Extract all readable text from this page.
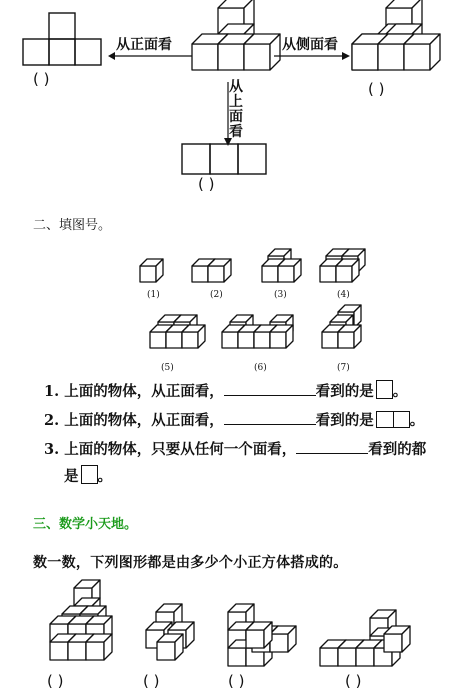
( )
从正面看	从侧面看
( )
从
上
面
看
( )
二、填图号。
(1)	(2)	(3)	(4)
(5)	(6)	(7)
1. 上面的物体，从正面看，	看到的是 。
2. 上面的物体，从正面看，	看到的是 。
3. 上面的物体，只要从任何一个面看，	看到的都
是 。
三、数学小天地。
数一数，下列图形都是由多少个小正方体搭成的。
( )	( )	( )	( )
